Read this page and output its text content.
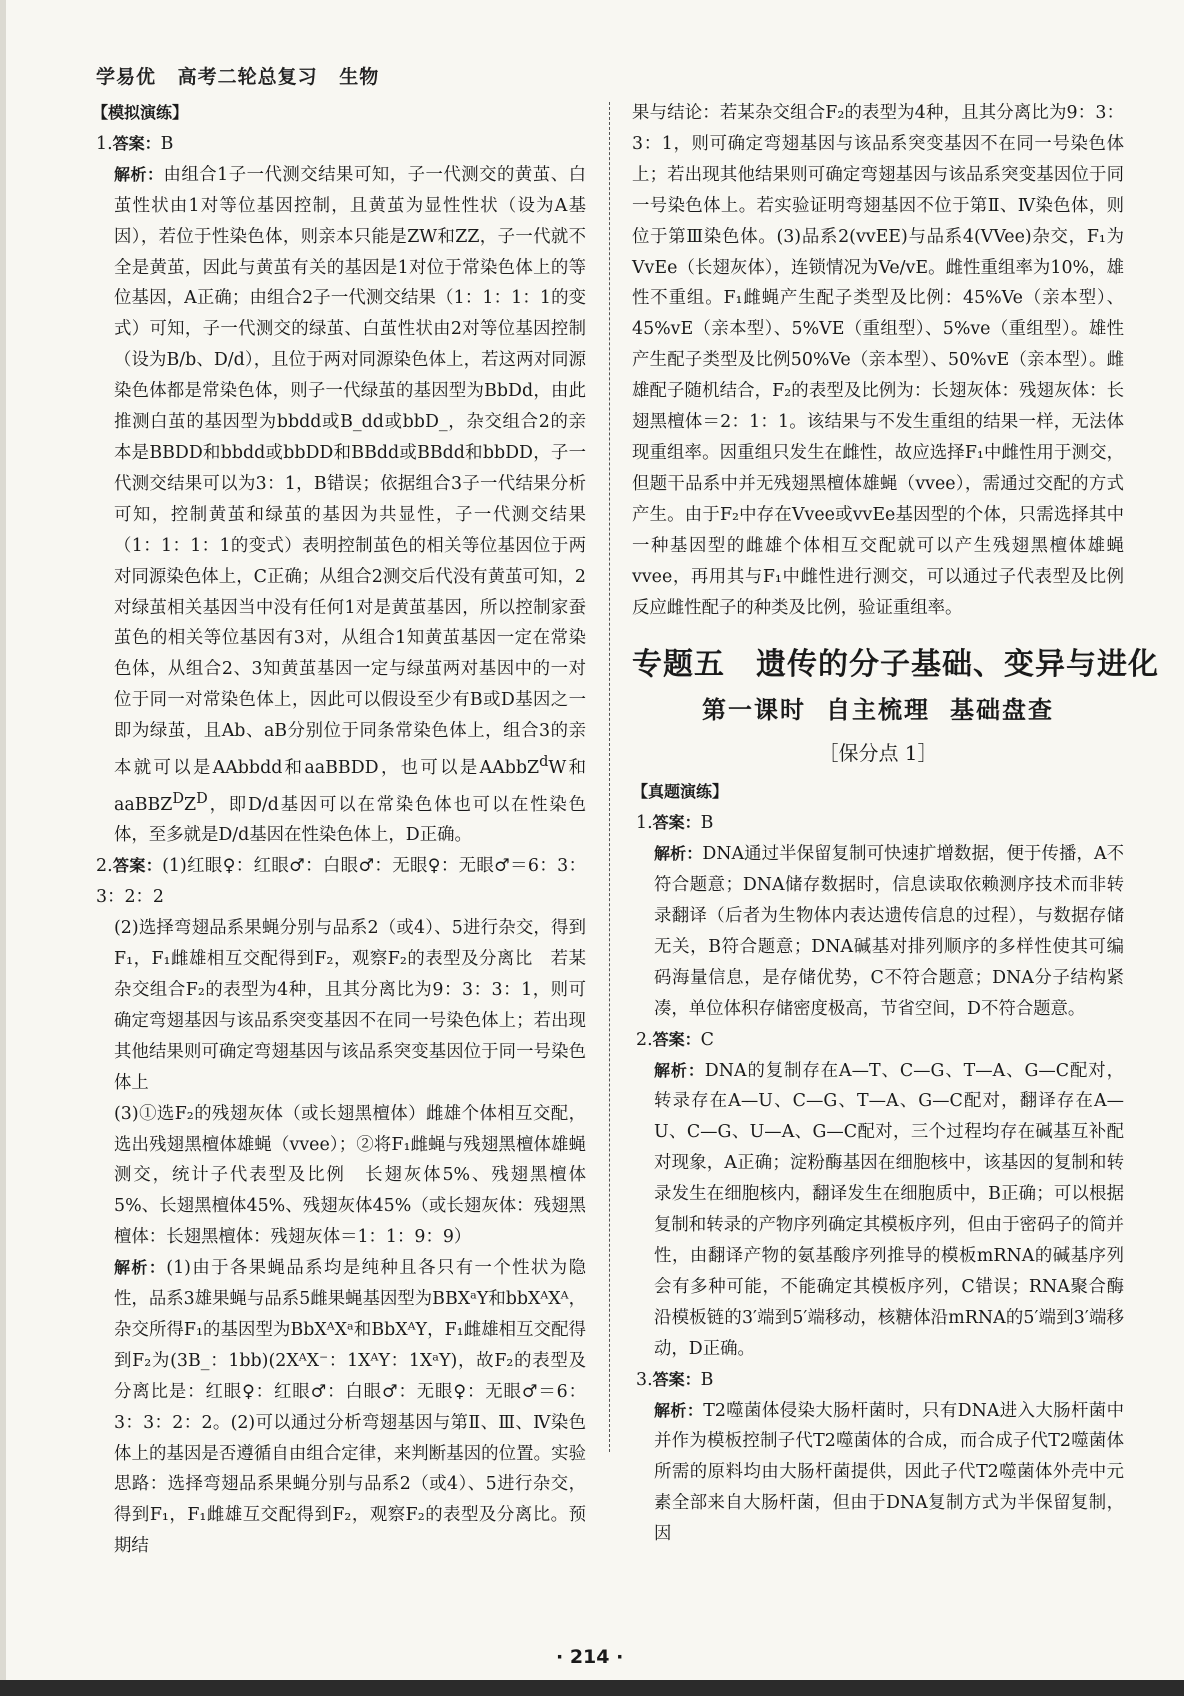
学易优 高考二轮总复习 生物
【模拟演练】
1.答案：B
解析：由组合1子一代测交结果可知，子一代测交的黄茧、白茧性状由1对等位基因控制，且黄茧为显性性状（设为A基因），若位于性染色体，则亲本只能是ZW和ZZ，子一代就不全是黄茧，因此与黄茧有关的基因是1对位于常染色体上的等位基因，A正确；由组合2子一代测交结果（1：1：1：1的变式）可知，子一代测交的绿茧、白茧性状由2对等位基因控制（设为B/b、D/d），且位于两对同源染色体上，若这两对同源染色体都是常染色体，则子一代绿茧的基因型为BbDd，由此推测白茧的基因型为bbdd或B_dd或bbD_，杂交组合2的亲本是BBDD和bbdd或bbDD和BBdd或BBdd和bbDD，子一代测交结果可以为3：1，B错误；依据组合3子一代结果分析可知，控制黄茧和绿茧的基因为共显性，子一代测交结果（1：1：1：1的变式）表明控制茧色的相关等位基因位于两对同源染色体上，C正确；从组合2测交后代没有黄茧可知，2对绿茧相关基因当中没有任何1对是黄茧基因，所以控制家蚕茧色的相关等位基因有3对，从组合1知黄茧基因一定在常染色体，从组合2、3知黄茧基因一定与绿茧两对基因中的一对位于同一对常染色体上，因此可以假设至少有B或D基因之一即为绿茧，且Ab、aB分别位于同条常染色体上，组合3的亲本就可以是AAbbdd和aaBBDD，也可以是AAbbZ$^d$W和$aaBBZ^DZ^D$，即D/d基因可以在常染色体也可以在性染色体，至多就是D/d基因在性染色体上，D正确。
2.答案：(1)红眼♀：红眼♂：白眼♂：无眼♀：无眼♂＝6：3：3：2：2
(2)选择弯翅品系果蝇分别与品系2（或4）、5进行杂交，得到F₁，F₁雌雄相互交配得到F₂，观察F₂的表型及分离比　若某杂交组合F₂的表型为4种，且其分离比为9：3：3：1，则可确定弯翅基因与该品系突变基因不在同一号染色体上；若出现其他结果则可确定弯翅基因与该品系突变基因位于同一号染色体上
(3)①选F₂的残翅灰体（或长翅黑檀体）雌雄个体相互交配，选出残翅黑檀体雄蝇（vvee）；②将F₁雌蝇与残翅黑檀体雄蝇测交，统计子代表型及比例　长翅灰体5%、残翅黑檀体5%、长翅黑檀体45%、残翅灰体45%（或长翅灰体：残翅黑檀体：长翅黑檀体：残翅灰体＝1：1：9：9）
解析：(1)由于各果蝇品系均是纯种且各只有一个性状为隐性，品系3雄果蝇与品系5雌果蝇基因型为BBXᵃY和bbXᴬXᴬ，杂交所得F₁的基因型为BbXᴬXᵃ和BbXᴬY，F₁雌雄相互交配得到F₂为(3B_：1bb)(2XᴬX⁻：1XᴬY：1XᵃY)，故F₂的表型及分离比是：红眼♀：红眼♂：白眼♂：无眼♀：无眼♂＝6：3：3：2：2。(2)可以通过分析弯翅基因与第Ⅱ、Ⅲ、Ⅳ染色体上的基因是否遵循自由组合定律，来判断基因的位置。实验思路：选择弯翅品系果蝇分别与品系2（或4）、5进行杂交，得到F₁，F₁雌雄互交配得到F₂，观察F₂的表型及分离比。预期结
果与结论：若某杂交组合F₂的表型为4种，且其分离比为9：3：3：1，则可确定弯翅基因与该品系突变基因不在同一号染色体上；若出现其他结果则可确定弯翅基因与该品系突变基因位于同一号染色体上。若实验证明弯翅基因不位于第Ⅱ、Ⅳ染色体，则位于第Ⅲ染色体。(3)品系2(vvEE)与品系4(VVee)杂交，F₁为VvEe（长翅灰体），连锁情况为Ve/vE。雌性重组率为10%，雄性不重组。F₁雌蝇产生配子类型及比例：45%Ve（亲本型）、45%vE（亲本型）、5%VE（重组型）、5%ve（重组型）。雄性产生配子类型及比例50%Ve（亲本型）、50%vE（亲本型）。雌雄配子随机结合，F₂的表型及比例为：长翅灰体：残翅灰体：长翅黑檀体＝2：1：1。该结果与不发生重组的结果一样，无法体现重组率。因重组只发生在雌性，故应选择F₁中雌性用于测交，但题干品系中并无残翅黑檀体雄蝇（vvee），需通过交配的方式产生。由于F₂中存在Vvee或vvEe基因型的个体，只需选择其中一种基因型的雌雄个体相互交配就可以产生残翅黑檀体雄蝇vvee，再用其与F₁中雌性进行测交，可以通过子代表型及比例反应雌性配子的种类及比例，验证重组率。
专题五　遗传的分子基础、变异与进化
第一课时 自主梳理 基础盘查
［保分点 1］
【真题演练】
1.答案：B
解析：DNA通过半保留复制可快速扩增数据，便于传播，A不符合题意；DNA储存数据时，信息读取依赖测序技术而非转录翻译（后者为生物体内表达遗传信息的过程），与数据存储无关，B符合题意；DNA碱基对排列顺序的多样性使其可编码海量信息，是存储优势，C不符合题意；DNA分子结构紧凑，单位体积存储密度极高，节省空间，D不符合题意。
2.答案：C
解析：DNA的复制存在A—T、C—G、T—A、G—C配对，转录存在A—U、C—G、T—A、G—C配对，翻译存在A—U、C—G、U—A、G—C配对，三个过程均存在碱基互补配对现象，A正确；淀粉酶基因在细胞核中，该基因的复制和转录发生在细胞核内，翻译发生在细胞质中，B正确；可以根据复制和转录的产物序列确定其模板序列，但由于密码子的简并性，由翻译产物的氨基酸序列推导的模板mRNA的碱基序列会有多种可能，不能确定其模板序列，C错误；RNA聚合酶沿模板链的3′端到5′端移动，核糖体沿mRNA的5′端到3′端移动，D正确。
3.答案：B
解析：T2噬菌体侵染大肠杆菌时，只有DNA进入大肠杆菌中并作为模板控制子代T2噬菌体的合成，而合成子代T2噬菌体所需的原料均由大肠杆菌提供，因此子代T2噬菌体外壳中元素全部来自大肠杆菌，但由于DNA复制方式为半保留复制，因
· 214 ·
